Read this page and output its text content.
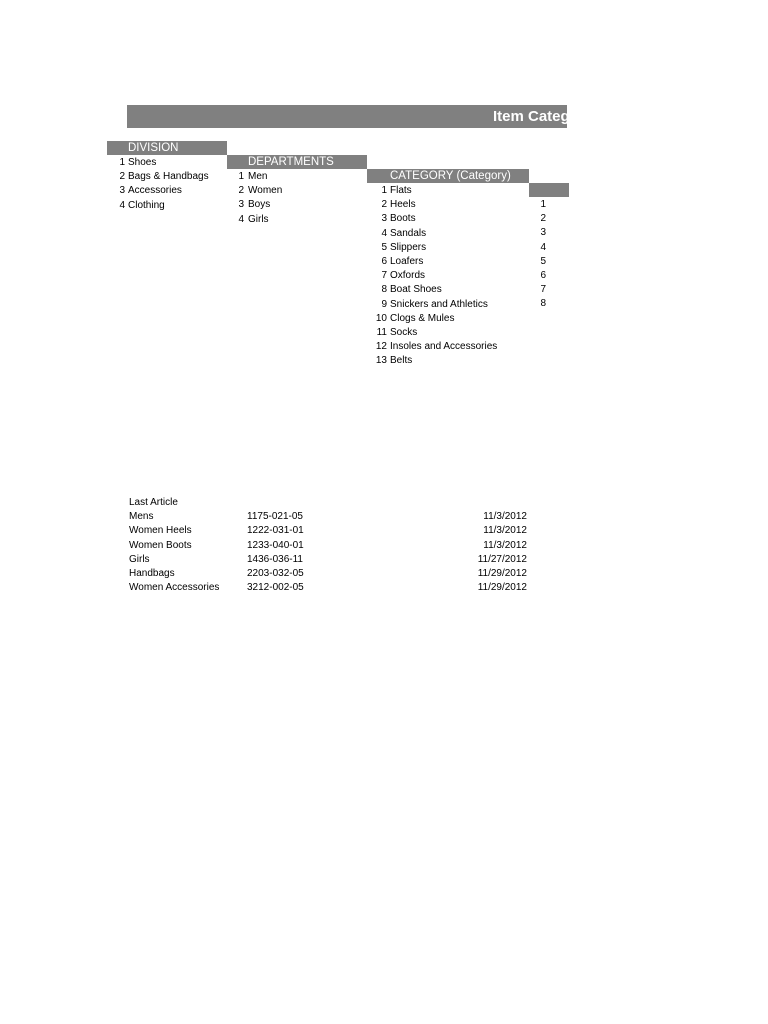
Item Category
DIVISION
1 Shoes
2 Bags & Handbags
3 Accessories
4 Clothing
DEPARTMENTS
1 Men
2 Women
3 Boys
4 Girls
CATEGORY (Category)
1 Flats
2 Heels
3 Boots
4 Sandals
5 Slippers
6 Loafers
7 Oxfords
8 Boat Shoes
9 Snickers and Athletics
10 Clogs & Mules
11 Socks
12 Insoles and Accessories
13 Belts
1
2
3
4
5
6
7
8
Last Article
Mens	1175-021-05	11/3/2012
Women Heels	1222-031-01	11/3/2012
Women Boots	1233-040-01	11/3/2012
Girls	1436-036-11	11/27/2012
Handbags	2203-032-05	11/29/2012
Women Accessories	3212-002-05	11/29/2012
